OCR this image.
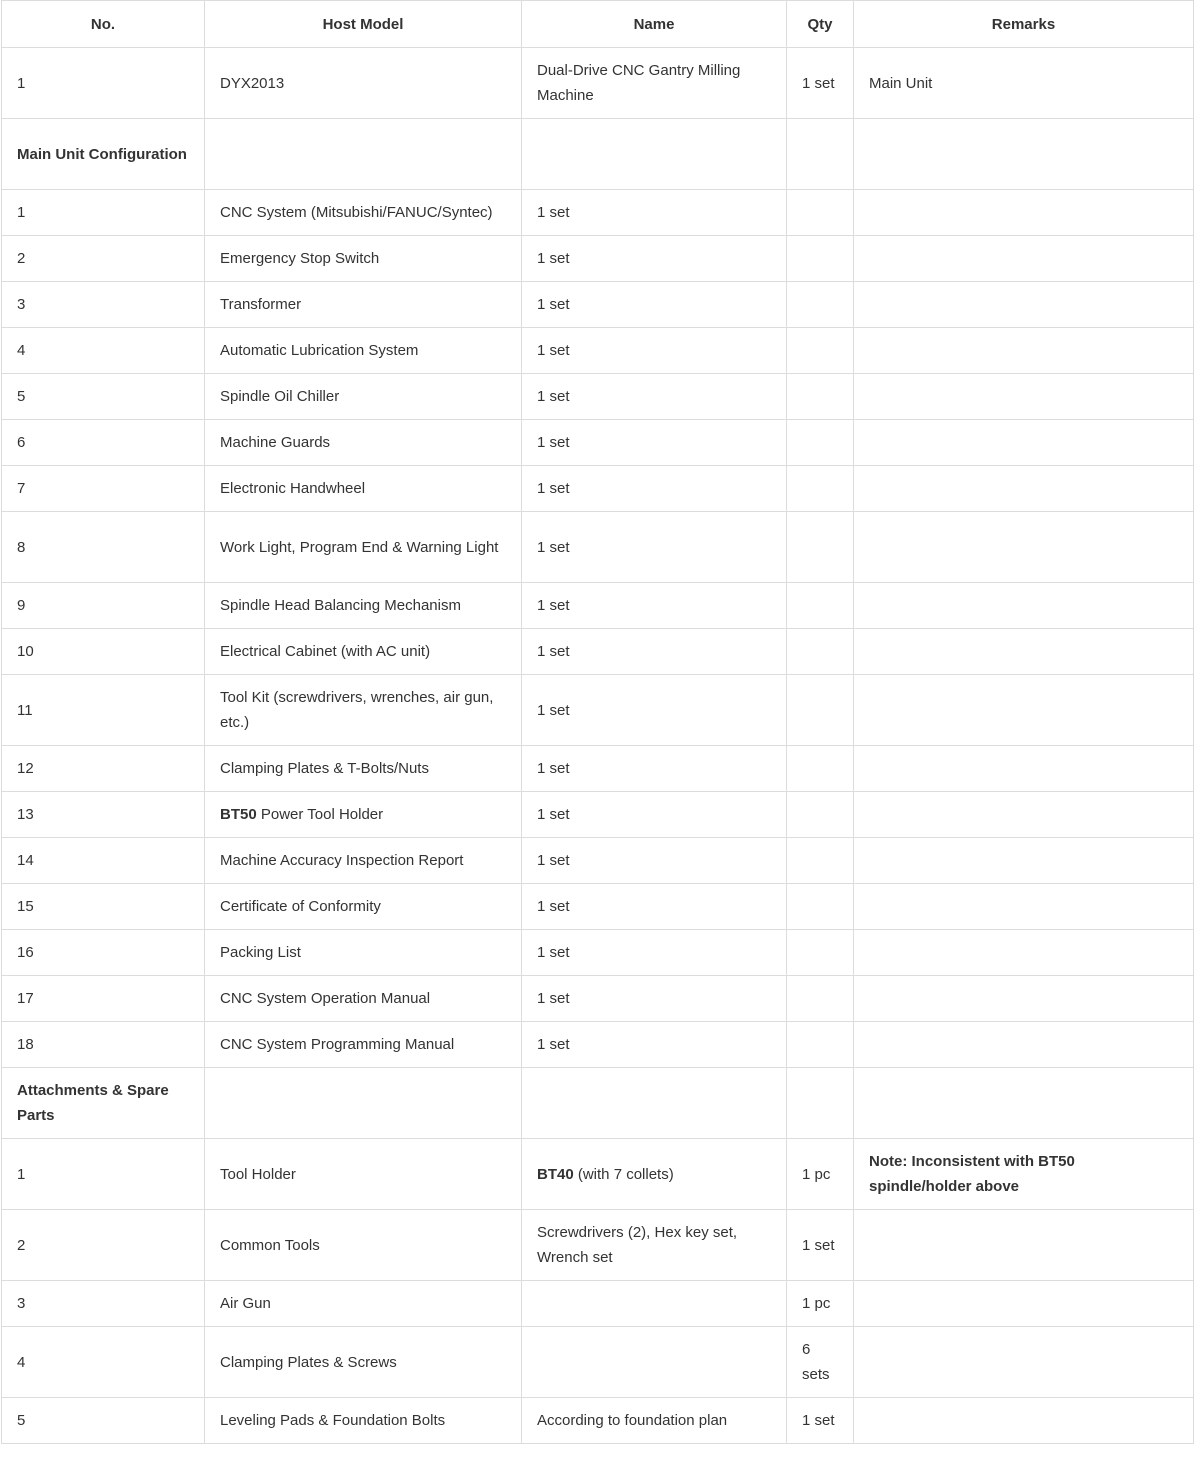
No.	Host Model	Name	Qty	Remarks
1	DYX2013	Dual-Drive CNC Gantry Milling Machine	1 set	Main Unit
Main Unit Configuration				
1	CNC System (Mitsubishi/FANUC/Syntec)	1 set		
2	Emergency Stop Switch	1 set		
3	Transformer	1 set		
4	Automatic Lubrication System	1 set		
5	Spindle Oil Chiller	1 set		
6	Machine Guards	1 set		
7	Electronic Handwheel	1 set		
8	Work Light, Program End & Warning Light	1 set		
9	Spindle Head Balancing Mechanism	1 set		
10	Electrical Cabinet (with AC unit)	1 set		
11	Tool Kit (screwdrivers, wrenches, air gun, etc.)	1 set		
12	Clamping Plates & T-Bolts/Nuts	1 set		
13	BT50 Power Tool Holder	1 set		
14	Machine Accuracy Inspection Report	1 set		
15	Certificate of Conformity	1 set		
16	Packing List	1 set		
17	CNC System Operation Manual	1 set		
18	CNC System Programming Manual	1 set		
Attachments & Spare Parts				
1	Tool Holder	BT40 (with 7 collets)	1 pc	Note: Inconsistent with BT50 spindle/holder above
2	Common Tools	Screwdrivers (2), Hex key set, Wrench set	1 set	
3	Air Gun		1 pc	
4	Clamping Plates & Screws		6 sets	
5	Leveling Pads & Foundation Bolts	According to foundation plan	1 set	
